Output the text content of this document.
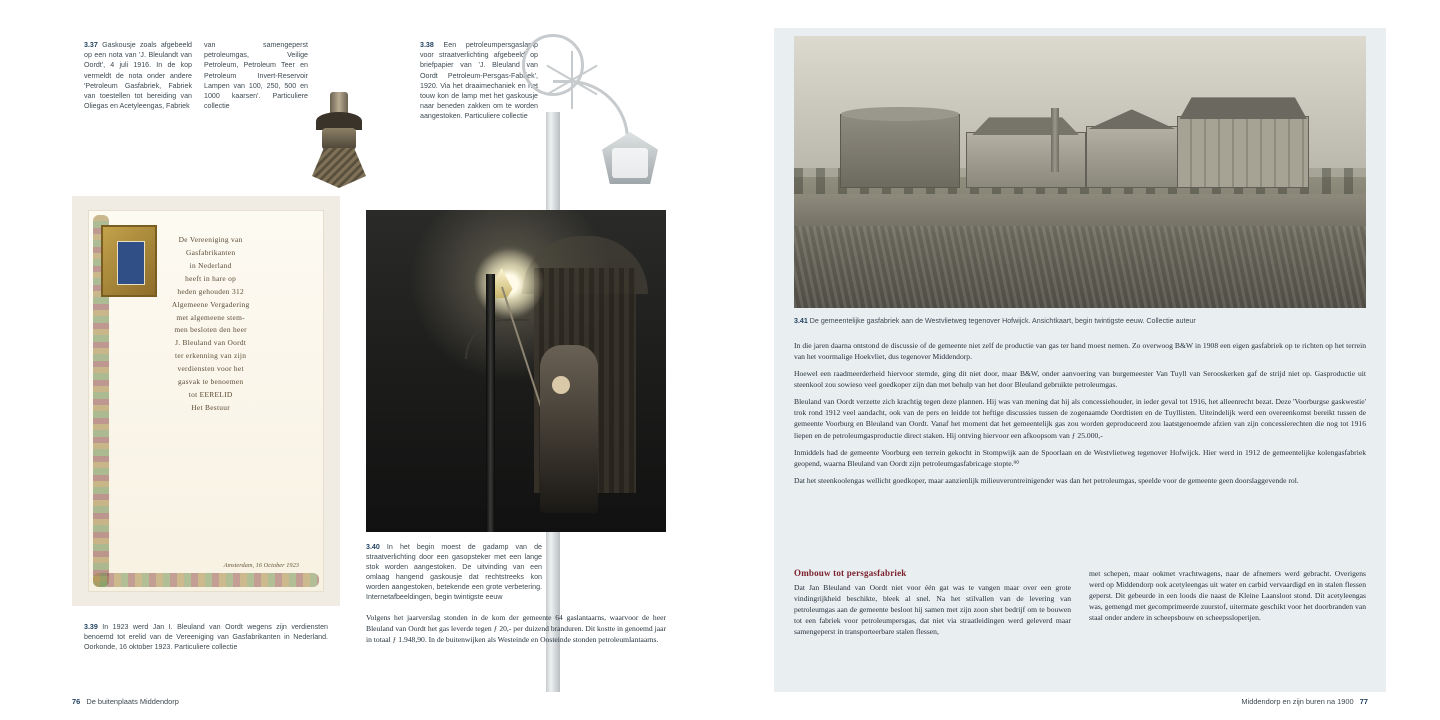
3.37 Gaskousje zoals afgebeeld op een nota van 'J. Bleulandt van Oordt', 4 juli 1916. In de kop vermeldt de nota onder andere 'Petroleum Gasfabriek, Fabriek van toestellen tot bereiding van Oliegas en Acetyleengas, Fabriek
van samengeperst petroleumgas, Veilige Petroleum, Petroleum Teer en Petroleum Invert-Reservoir Lampen van 100, 250, 500 en 1000 kaarsen'. Particuliere collectie
3.38 Een petroleumpersgaslamp voor straatverlichting afgebeeld op briefpapier van 'J. Bleuland van Oordt Petroleum-Persgas-Fabriek', 1920. Via het draaimechaniek en het touw kon de lamp met het gaskousje naar beneden zakken om te worden aangestoken. Particuliere collectie
De Vereeniging van
Gasfabrikanten
in Nederland
heeft in hare op
heden gehouden 312
Algemeene Vergadering
met algemeene stem-
men besloten den heer
J. Bleuland van Oordt
ter erkenning van zijn
verdiensten voor het
gasvak te benoemen
tot EERELID
Het Bestuur
Amsterdam, 16 October 1923
3.39 In 1923 werd Jan I. Bleuland van Oordt wegens zijn verdiensten benoemd tot erelid van de Vereeniging van Gasfabrikanten in Nederland. Oorkonde, 16 oktober 1923. Particuliere collectie
3.40 In het begin moest de gadamp van de straatverlichting door een gasopsteker met een lange stok worden aangestoken. De uitvinding van een omlaag hangend gaskousje dat rechtstreeks kon worden aangestoken, betekende een grote verbetering. Internetafbeeldingen, begin twintigste eeuw

Volgens het jaarverslag stonden in de kom der gemeente 64 gaslantaarns, waarvoor de heer Bleuland van Oordt het gas leverde tegen ƒ 20,- per duizend branduren. Dit kostte in genoemd jaar in totaal ƒ 1.948,90. In de buitenwijken als Westeinde en Oosteinde stonden petroleumlantaarns.

76 De buitenplaats Middendorp
3.41 De gemeentelijke gasfabriek aan de Westvlietweg tegenover Hofwijck. Ansichtkaart, begin twintigste eeuw. Collectie auteur

In die jaren daarna ontstond de discussie of de gemeente niet zelf de productie van gas ter hand moest nemen. Zo overwoog B&W in 1908 een eigen gasfabriek op te richten op het terrein van het voormalige Hoekvliet, dus tegenover Middendorp.

Hoewel een raadmeerderheid hiervoor stemde, ging dit niet door, maar B&W, onder aanvoering van burgemeester Van Tuyll van Serooskerken gaf de strijd niet op. Gasproductie uit steenkool zou sowieso veel goedkoper zijn dan met behulp van het door Bleuland gebruikte petroleumgas.

Bleuland van Oordt verzette zich krachtig tegen deze plannen. Hij was van mening dat hij als concessiehouder, in ieder geval tot 1916, het alleenrecht bezat. Deze 'Voorburgse gaskwestie' trok rond 1912 veel aandacht, ook van de pers en leidde tot heftige discussies tussen de zogenaamde Oordtisten en de Tuyllisten. Uiteindelijk werd een overeenkomst bereikt tussen de gemeente Voorburg en Bleuland van Oordt. Vanaf het moment dat het gemeentelijk gas zou worden geproduceerd zou laatstgenoemde afzien van zijn concessierechten die nog tot 1916 liepen en de petroleumgasproductie direct staken. Hij ontving hiervoor een afkoopsom van ƒ 25.000,-

Inmiddels had de gemeente Voorburg een terrein gekocht in Stompwijk aan de Spoorlaan en de Westvlietweg tegenover Hofwijck. Hier werd in 1912 de gemeentelijke kolengasfabriek geopend, waarna Bleuland van Oordt zijn petroleumgasfabricage stopte.⁹⁰

Dat het steenkoolengas wellicht goedkoper, maar aanzienlijk milieuverontreinigender was dan het petroleumgas, speelde voor de gemeente geen doorslaggevende rol.

Ombouw tot persgasfabriek
Dat Jan Bleuland van Oordt niet voor één gat was te vangen maar over een grote vindingrijkheid beschikte, bleek al snel. Na het stilvallen van de levering van petroleumgas aan de gemeente besloot hij samen met zijn zoon shet bedrijf om te bouwen tot een fabriek voor petroleumpersgas, dat niet via straatleidingen werd geleverd maar samengeperst in transporteerbare stalen flessen,
met schepen, maar ookmet vrachtwagens, naar de afnemers werd gebracht. Overigens werd op Middendorp ook acetyleengas uit water en carbid vervaardigd en in stalen flessen geperst. Dit gebeurde in een loods die naast de Kleine Laansloot stond. Dit acetyleengas was, gemengd met gecomprimeerde zuurstof, uitermate geschikt voor het doorbranden van staal onder andere in scheepsbouw en scheepssloperijen.
Middendorp en zijn buren na 1900 77
